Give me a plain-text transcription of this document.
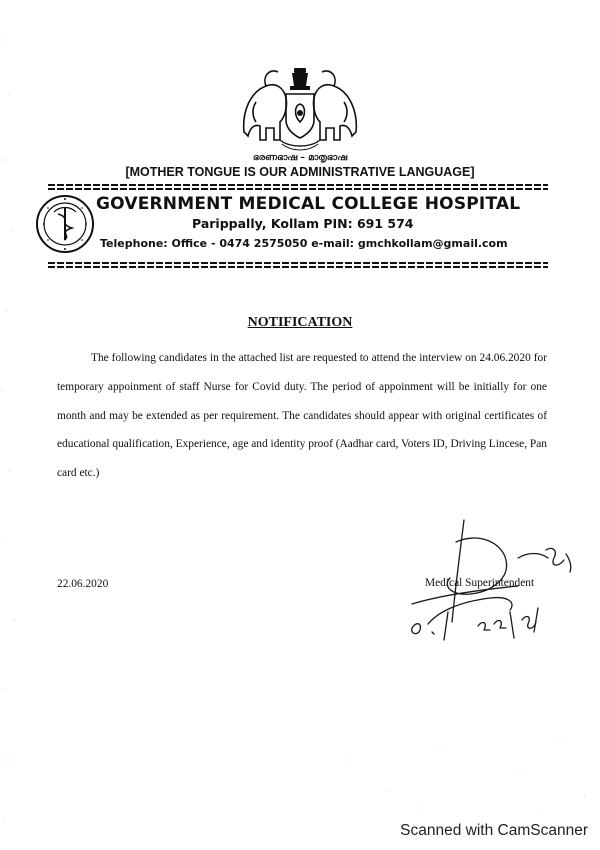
ഭരണഭാഷ – മാതൃഭാഷ
[MOTHER TONGUE IS OUR ADMINISTRATIVE LANGUAGE]
GOVERNMENT MEDICAL COLLEGE HOSPITAL
Parippally, Kollam PIN: 691 574
Telephone: Office - 0474 2575050 e-mail: gmchkollam@gmail.com
NOTIFICATION
The following candidates in the attached list are requested to attend the interview on 24.06.2020 for temporary appoinment of staff Nurse for Covid duty. The period of appoinment will be initially for one month and may be extended as per requirement. The candidates should appear with original certificates of educational qualification, Experience, age and identity proof (Aadhar card, Voters ID, Driving Lincese, Pan card etc.)
22.06.2020	Medical Superintendent
Scanned with CamScanner
